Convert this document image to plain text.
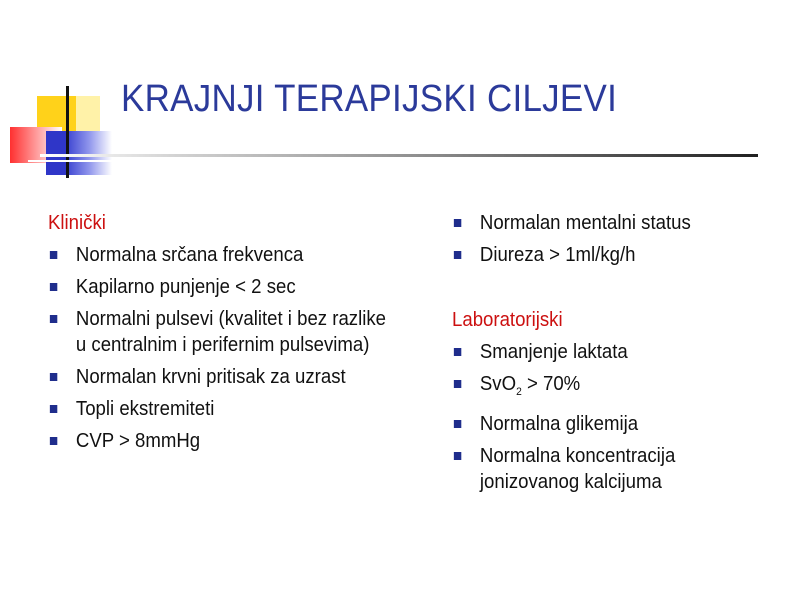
KRAJNJI TERAPIJSKI CILJEVI
Klinički
Normalna srčana frekvenca
Kapilarno punjenje < 2 sec
Normalni pulsevi (kvalitet i bez razlike u centralnim i perifernim pulsevima)
Normalan krvni pritisak za uzrast
Topli ekstremiteti
CVP > 8mmHg
Normalan mentalni status
Diureza > 1ml/kg/h
Laboratorijski
Smanjenje laktata
SvO$_2$ > 70%
Normalna glikemija
Normalna koncentracija jonizovanog kalcijuma
